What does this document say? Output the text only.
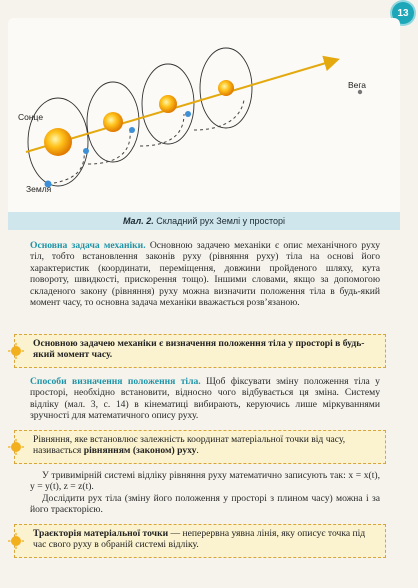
13
Вега
Сонце
Земля
Мал. 2. Складний рух Землі у просторі
Основна задача механіки. Основною задачею механіки є опис механічного руху тіл, тобто встановлення законів руху (рівняння руху) тіла на основі його характеристик (координати, переміщення, довжини пройденого шляху, кута повороту, швидкості, прискорення тощо). Іншими словами, якщо за допомогою складеного закону (рівняння) руху можна визначити положення тіла в будь-який момент часу, то основна задача механіки вважається розв’язаною.
Основною задачею механіки є визначення положення тіла у просторі в будь-який момент часу.
Способи визначення положення тіла. Щоб фіксувати зміну положення тіла у просторі, необхідно встановити, відносно чого відбувається ця зміна. Систему відліку (мал. 3, с. 14) в кінематиці вибирають, керуючись лише міркуваннями зручності для математичного опису руху.
Рівняння, яке встановлює залежність координат матеріальної точки від часу, називається рівнянням (законом) руху.
У тривимірній системі відліку рівняння руху математично записують так: x = x(t), y = y(t), z = z(t).
Дослідити рух тіла (зміну його положення у просторі з плином часу) можна і за його траєкторією.
Траєкторія матеріальної точки — неперервна уявна лінія, яку описує точка під час свого руху в обраній системі відліку.
